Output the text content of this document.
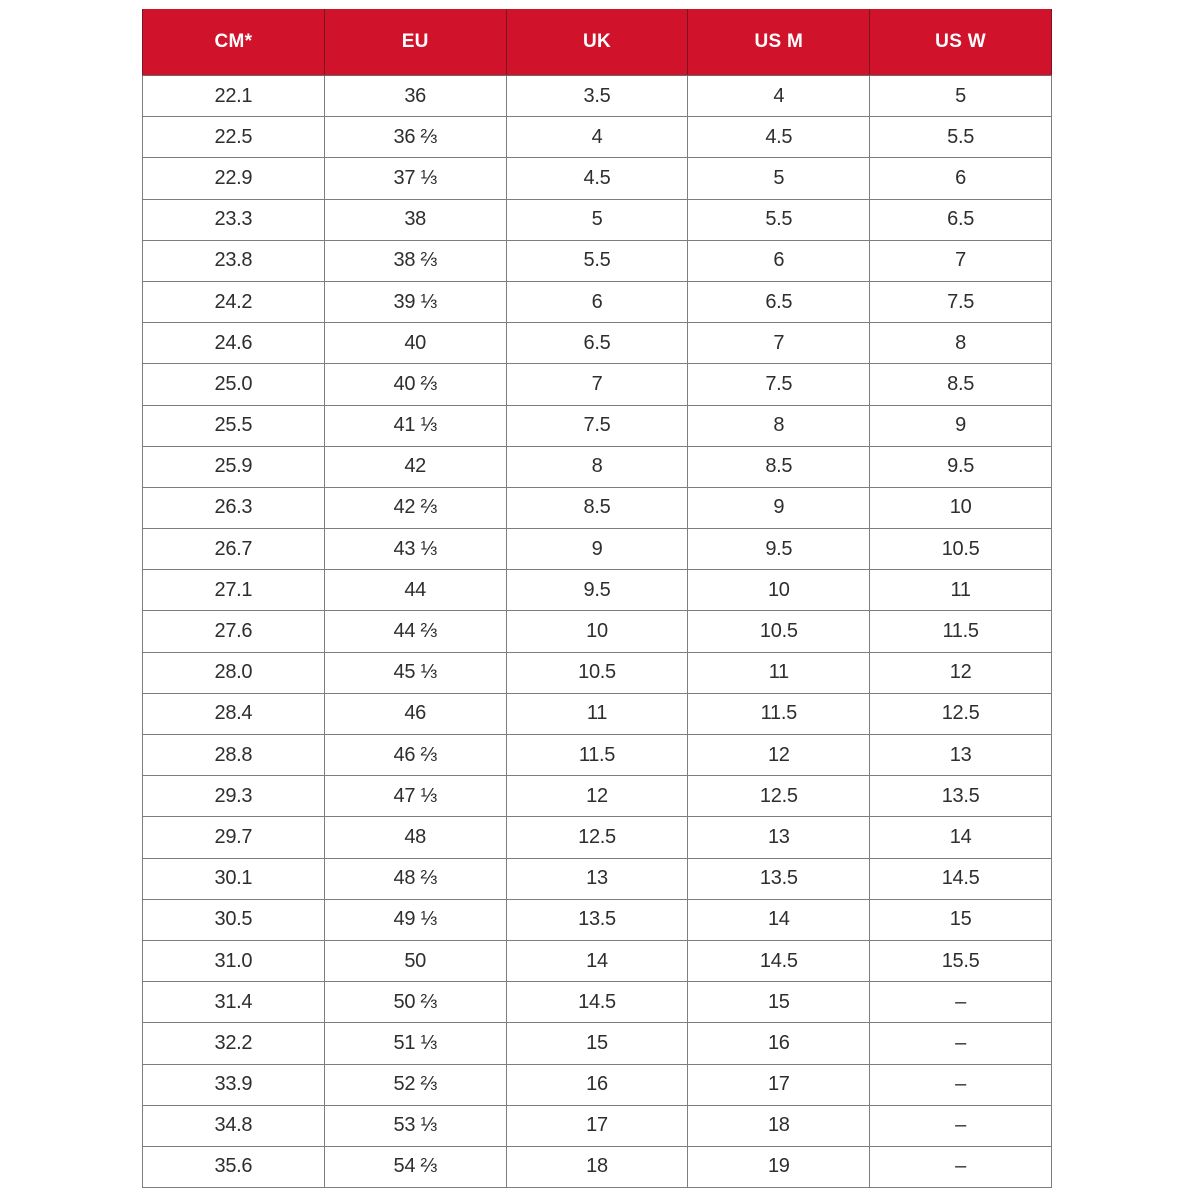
CM*	EU	UK	US M	US W
22.1	36	3.5	4	5
22.5	36 ⅔	4	4.5	5.5
22.9	37 ⅓	4.5	5	6
23.3	38	5	5.5	6.5
23.8	38 ⅔	5.5	6	7
24.2	39 ⅓	6	6.5	7.5
24.6	40	6.5	7	8
25.0	40 ⅔	7	7.5	8.5
25.5	41 ⅓	7.5	8	9
25.9	42	8	8.5	9.5
26.3	42 ⅔	8.5	9	10
26.7	43 ⅓	9	9.5	10.5
27.1	44	9.5	10	11
27.6	44 ⅔	10	10.5	11.5
28.0	45 ⅓	10.5	11	12
28.4	46	11	11.5	12.5
28.8	46 ⅔	11.5	12	13
29.3	47 ⅓	12	12.5	13.5
29.7	48	12.5	13	14
30.1	48 ⅔	13	13.5	14.5
30.5	49 ⅓	13.5	14	15
31.0	50	14	14.5	15.5
31.4	50 ⅔	14.5	15	–
32.2	51 ⅓	15	16	–
33.9	52 ⅔	16	17	–
34.8	53 ⅓	17	18	–
35.6	54 ⅔	18	19	–
